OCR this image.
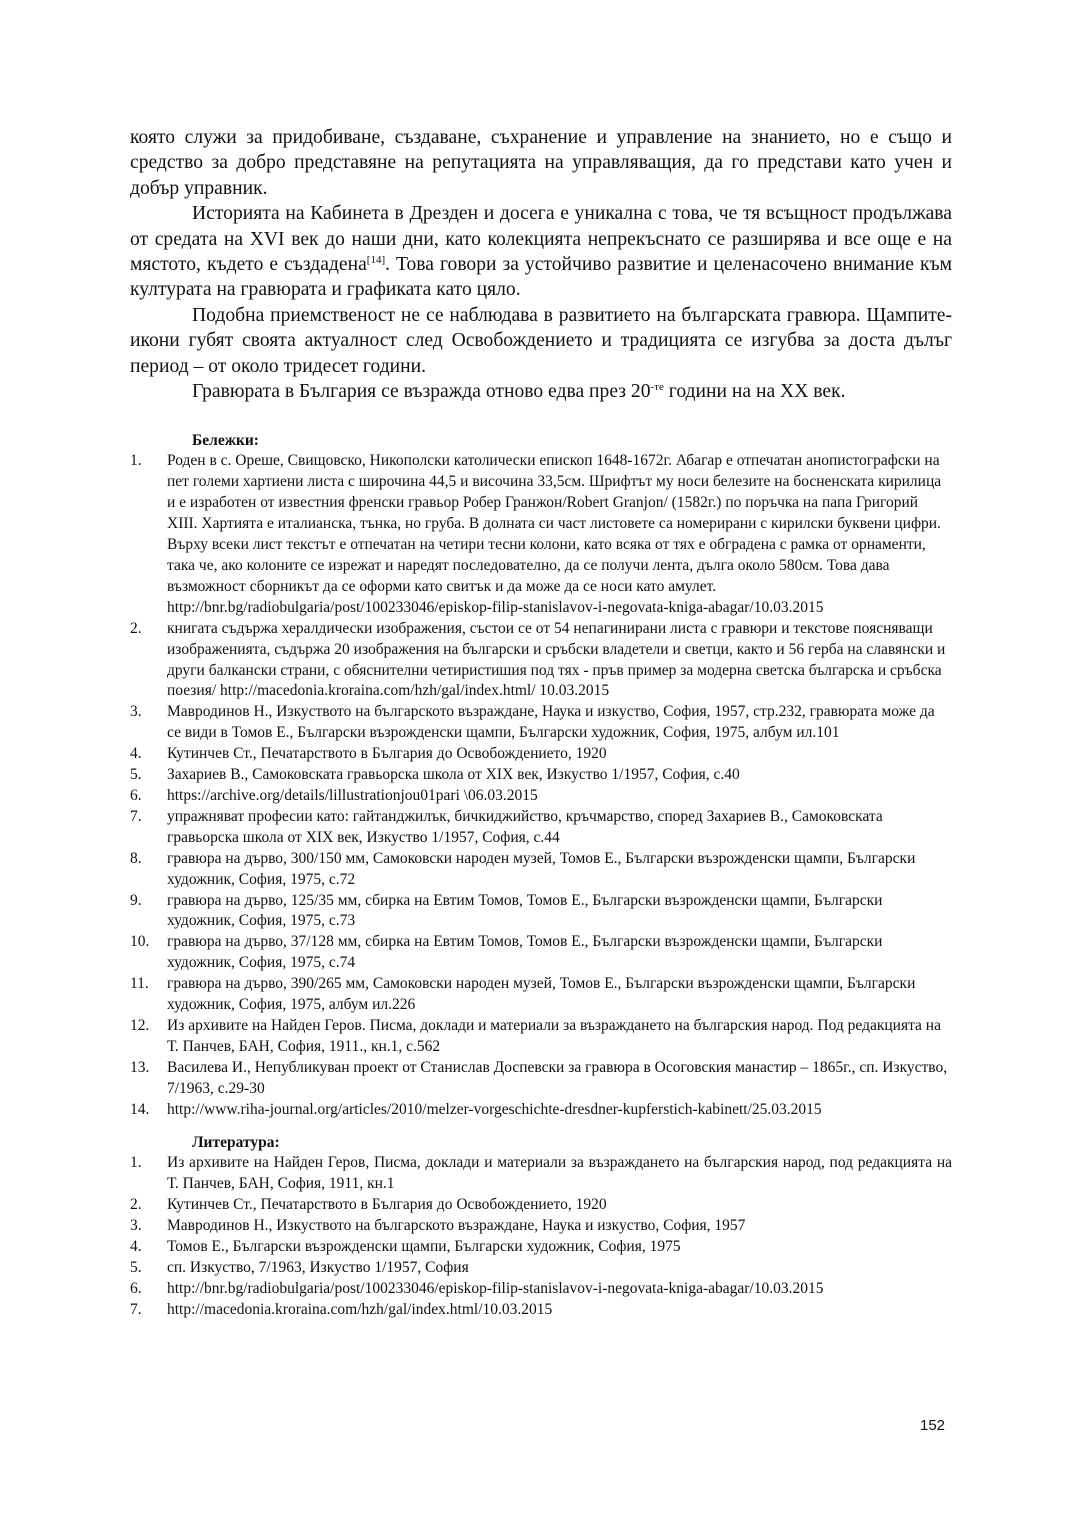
която служи за придобиване, създаване, съхранение и управление на знанието, но е също и средство за добро представяне на репутацията на управляващия, да го представи като учен и добър управник.

Историята на Кабинета в Дрезден и досега е уникална с това, че тя всъщност продължава от средата на XVI век до наши дни, като колекцията непрекъснато се разширява и все още е на мястото, където е създадена[14]. Това говори за устойчиво развитие и целенасочено внимание към културата на гравюрата и графиката като цяло.

Подобна приемственост не се наблюдава в развитието на българската гравюра. Щампите-икони губят своята актуалност след Освобождението и традицията се изгубва за доста дълъг период – от около тридесет години.

Гравюрата в България се възражда отново едва през $20^{-те}$ години на на XX век.

Бележки:
1. Роден в с. Ореше, Свищовско, Никополски католически епископ 1648-1672г. Абагар е отпечатан анопистографски на пет големи хартиени листа с широчина 44,5 и височина 33,5см. Шрифтът му носи белезите на босненската кирилица и е изработен от известния френски гравьор Робер Гранжон/Robert Granjon/ (1582г.) по поръчка на папа Григорий XIII. Хартията е италианска, тънка, но груба. В долната си част листовете са номерирани с кирилски буквени цифри. Върху всеки лист текстът е отпечатан на четири тесни колони, като всяка от тях е обградена с рамка от орнаменти, така че, ако колоните се изрежат и наредят последователно, да се получи лента, дълга около 580см. Това дава възможност сборникът да се оформи като свитък и да може да се носи като амулет. http://bnr.bg/radiobulgaria/post/100233046/episkop-filip-stanislavov-i-negovata-kniga-abagar/10.03.2015
2. книгата съдържа хералдически изображения, състои се от 54 непагинирани листа с гравюри и текстове поясняващи изображенията, съдържа 20 изображения на български и сръбски владетели и светци, както и 56 герба на славянски и други балкански страни, с обяснителни четиристишия под тях - пръв пример за модерна светска българска и сръбска поезия/ http://macedonia.kroraina.com/hzh/gal/index.html/ 10.03.2015
3. Мавродинов Н., Изкуството на българското възраждане, Наука и изкуство, София, 1957, стр.232, гравюрата може да се види в Томов Е., Български възрожденски щампи, Български художник, София, 1975, албум ил.101
4. Кутинчев Ст., Печатарството в България до Освобождението, 1920
5. Захариев В., Самоковската гравьорска школа от XIX век, Изкуство 1/1957, София, с.40
6. https://archive.org/details/lillustrationjou01pari \06.03.2015
7. упражняват професии като: гайтанджилък, бичкиджийство, кръчмарство, според Захариев В., Самоковската гравьорска школа от XIX век, Изкуство 1/1957, София, с.44
8. гравюра на дърво, 300/150 мм, Самоковски народен музей, Томов Е., Български възрожденски щампи, Български художник, София, 1975, с.72
9. гравюра на дърво, 125/35 мм, сбирка на Евтим Томов, Томов Е., Български възрожденски щампи, Български художник, София, 1975, с.73
10. гравюра на дърво, 37/128 мм, сбирка на Евтим Томов, Томов Е., Български възрожденски щампи, Български художник, София, 1975, с.74
11. гравюра на дърво, 390/265 мм, Самоковски народен музей, Томов Е., Български възрожденски щампи, Български художник, София, 1975, албум ил.226
12. Из архивите на Найден Геров. Писма, доклади и материали за възраждането на българския народ. Под редакцията на Т. Панчев, БАН, София, 1911., кн.1, с.562
13. Василева И., Непубликуван проект от Станислав Доспевски за гравюра в Осоговския манастир – 1865г., сп. Изкуство, 7/1963, с.29-30
14. http://www.riha-journal.org/articles/2010/melzer-vorgeschichte-dresdner-kupferstich-kabinett/25.03.2015
Литература:
1. Из архивите на Найден Геров, Писма, доклади и материали за възраждането на българския народ, под редакцията на Т. Панчев, БАН, София, 1911, кн.1
2. Кутинчев Ст., Печатарството в България до Освобождението, 1920
3. Мавродинов Н., Изкуството на българското възраждане, Наука и изкуство, София, 1957
4. Томов Е., Български възрожденски щампи, Български художник, София, 1975
5. сп. Изкуство, 7/1963, Изкуство 1/1957, София
6. http://bnr.bg/radiobulgaria/post/100233046/episkop-filip-stanislavov-i-negovata-kniga-abagar/10.03.2015
7. http://macedonia.kroraina.com/hzh/gal/index.html/10.03.2015
152
